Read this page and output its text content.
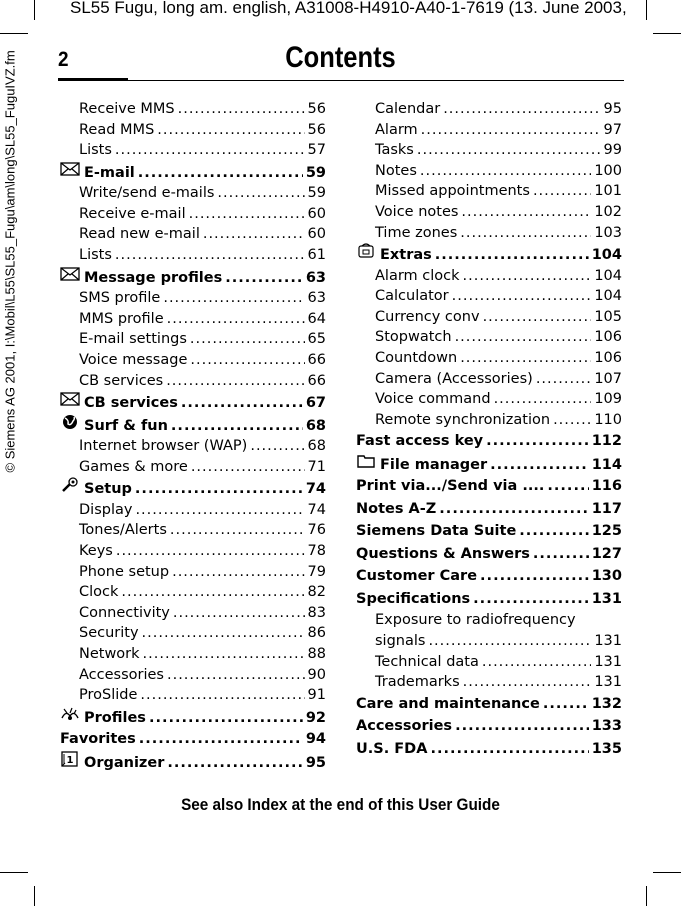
SL55 Fugu, long am. english, A31008-H4910-A40-1-7619 (13. June 2003,
© Siemens AG 2001, I:\Mobil\L55\SL55_Fugu\am\long\SL55_FuguIVZ.fm 2	Contents
Receive MMS .....	56
Read MMS .....	56
Lists .....	57
E-mail .....	59
Write/send e-mails .....	59
Receive e-mail .....	60
Read new e-mail .....	60
Lists .....	61
Message profiles .....	63
SMS profile .....	63
MMS profile .....	64
E-mail settings .....	65
Voice message .....	66
CB services .....	66
CB services .....	67
Surf & fun .....	68
Internet browser (WAP) .....	68
Games & more .....	71
Setup .....	74
Display .....	74
Tones/Alerts .....	76
Keys .....	78
Phone setup .....	79
Clock .....	82
Connectivity .....	83
Security .....	86
Network .....	88
Accessories .....	90
ProSlide .....	91
Profiles .....	92
Favorites .....	94
1 Organizer .....	95
Calendar .....	95
Alarm .....	97
Tasks .....	99
Notes .....	100
Missed appointments .....	101
Voice notes .....	102
Time zones .....	103
Extras .....	104
Alarm clock .....	104
Calculator .....	104
Currency conv .....	105
Stopwatch .....	106
Countdown .....	106
Camera (Accessories) .....	107
Voice command .....	109
Remote synchronization .....	110
Fast access key .....	112
File manager .....	114
Print via.../Send via .... .....	116
Notes A-Z .....	117
Siemens Data Suite .....	125
Questions & Answers .....	127
Customer Care .....	130
Specifications .....	131
Exposure to radiofrequency
signals .....	131
Technical data .....	131
Trademarks .....	131
Care and maintenance .....	132
Accessories .....	133
U.S. FDA .....	135
See also Index at the end of this User Guide
